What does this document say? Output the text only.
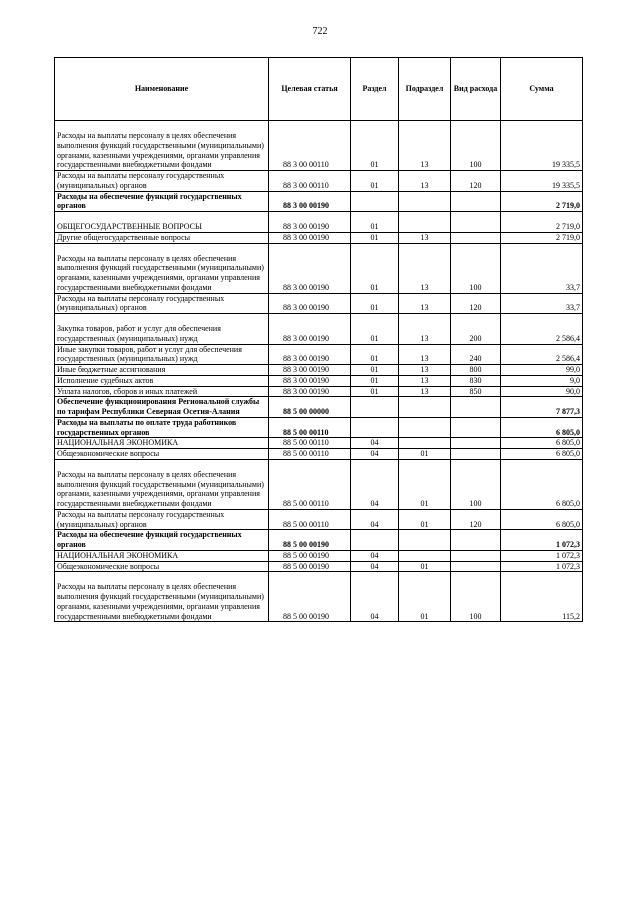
722
Наименование	Целевая статья	Раздел	Подраздел	Вид расхода	Сумма
Расходы на выплаты персоналу в целях обеспечения выполнения функций государственными (муниципальными) органами, казенными учреждениями, органами управления государственными внебюджетными фондами	88 3 00 00110	01	13	100	19 335,5
Расходы на выплаты персоналу государственных (муниципальных) органов	88 3 00 00110	01	13	120	19 335,5
Расходы на обеспечение функций государственных органов	88 3 00 00190				2 719,0
ОБЩЕГОСУДАРСТВЕННЫЕ ВОПРОСЫ	88 3 00 00190	01			2 719,0
Другие общегосударственные вопросы	88 3 00 00190	01	13		2 719,0
Расходы на выплаты персоналу в целях обеспечения выполнения функций государственными (муниципальными) органами, казенными учреждениями, органами управления государственными внебюджетными фондами	88 3 00 00190	01	13	100	33,7
Расходы на выплаты персоналу государственных (муниципальных) органов	88 3 00 00190	01	13	120	33,7
Закупка товаров, работ и услуг для обеспечения государственных (муниципальных) нужд	88 3 00 00190	01	13	200	2 586,4
Иные закупки товаров, работ и услуг для обеспечения государственных (муниципальных) нужд	88 3 00 00190	01	13	240	2 586,4
Иные бюджетные ассигнования	88 3 00 00190	01	13	800	99,0
Исполнение судебных актов	88 3 00 00190	01	13	830	9,0
Уплата налогов, сборов и иных платежей	88 3 00 00190	01	13	850	90,0
Обеспечение функционирования Региональной службы по тарифам Республики Северная Осетия-Алания	88 5 00 00000				7 877,3
Расходы на выплаты по оплате труда работников государственных органов	88 5 00 00110				6 805,0
НАЦИОНАЛЬНАЯ ЭКОНОМИКА	88 5 00 00110	04			6 805,0
Общеэкономические вопросы	88 5 00 00110	04	01		6 805,0
Расходы на выплаты персоналу в целях обеспечения выполнения функций государственными (муниципальными) органами, казенными учреждениями, органами управления государственными внебюджетными фондами	88 5 00 00110	04	01	100	6 805,0
Расходы на выплаты персоналу государственных (муниципальных) органов	88 5 00 00110	04	01	120	6 805,0
Расходы на обеспечение функций государственных органов	88 5 00 00190				1 072,3
НАЦИОНАЛЬНАЯ ЭКОНОМИКА	88 5 00 00190	04			1 072,3
Общеэкономические вопросы	88 5 00 00190	04	01		1 072,3
Расходы на выплаты персоналу в целях обеспечения выполнения функций государственными (муниципальными) органами, казенными учреждениями, органами управления государственными внебюджетными фондами	88 5 00 00190	04	01	100	115,2
